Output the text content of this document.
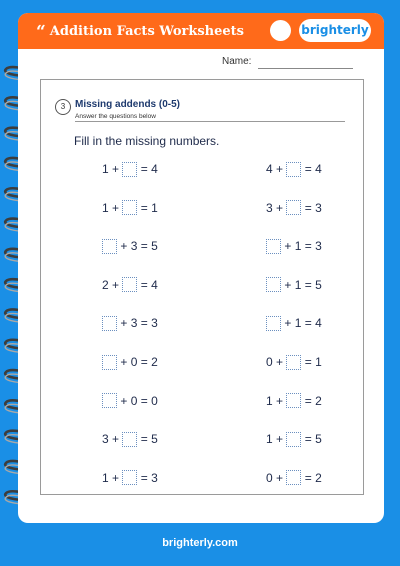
“ Addition Facts Worksheets	brighterly
Name:
3 Missing addends (0-5)
Answer the questions below
Fill in the missing numbers.
1
+

=
4
1
+

=
1

+
3
=
5
2
+

=
4

+
3
=
3

+
0
=
2

+
0
=
0
3
+

=
5
1
+

=
3
4
+

=
4
3
+

=
3

+
1
=
3

+
1
=
5

+
1
=
4
0
+

=
1
1
+

=
2
1
+

=
5
0
+

=
2
brighterly.com
